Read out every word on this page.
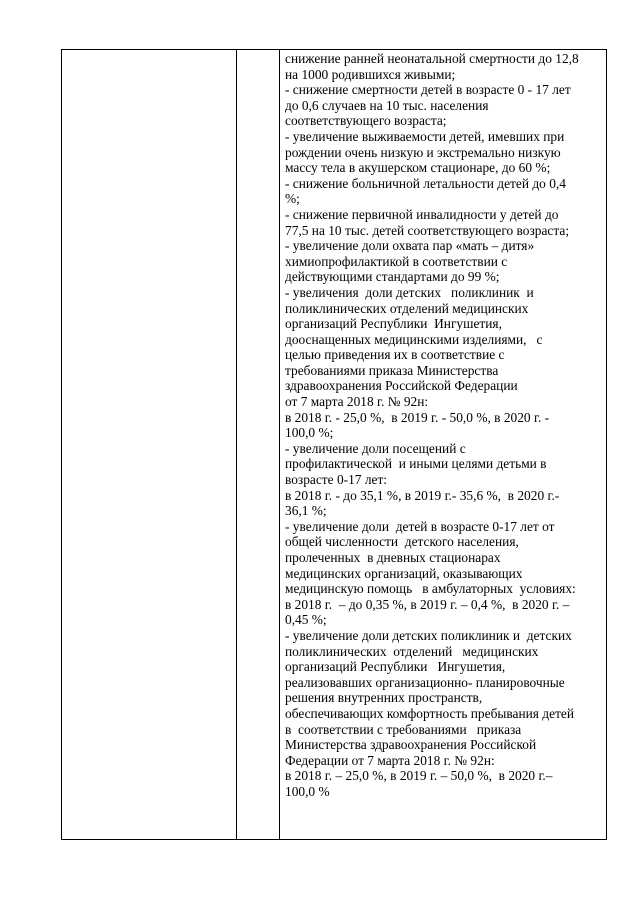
снижение ранней неонатальной смертности до 12,8
на 1000 родившихся живыми;
- снижение смертности детей в возрасте 0 - 17 лет
до 0,6 случаев на 10 тыс. населения
соответствующего возраста;
- увеличение выживаемости детей, имевших при
рождении очень низкую и экстремально низкую
массу тела в акушерском стационаре, до 60 %;
- снижение больничной летальности детей до 0,4
%;
- снижение первичной инвалидности у детей до
77,5 на 10 тыс. детей соответствующего возраста;
- увеличение доли охвата пар «мать – дитя»
химиопрофилактикой в соответствии с
действующими стандартами до 99 %;
- увеличения  доли детских   поликлиник  и
поликлинических отделений медицинских
организаций Республики  Ингушетия,
дооснащенных медицинскими изделиями,   с
целью приведения их в соответствие с
требованиями приказа Министерства
здравоохранения Российской Федерации
от 7 марта 2018 г. № 92н:
в 2018 г. - 25,0 %,  в 2019 г. - 50,0 %, в 2020 г. -
100,0 %;
- увеличение доли посещений с
профилактической  и иными целями детьми в
возрасте 0-17 лет:
в 2018 г. - до 35,1 %, в 2019 г.- 35,6 %,  в 2020 г.-
36,1 %;
- увеличение доли  детей в возрасте 0-17 лет от
общей численности  детского населения,
пролеченных  в дневных стационарах
медицинских организаций, оказывающих
медицинскую помощь   в амбулаторных  условиях:
в 2018 г.  – до 0,35 %, в 2019 г. – 0,4 %,  в 2020 г. –
0,45 %;
- увеличение доли детских поликлиник и  детских
поликлинических  отделений   медицинских
организаций Республики   Ингушетия,
реализовавших организационно- планировочные
решения внутренних пространств,
обеспечивающих комфортность пребывания детей
в  соответствии с требованиями   приказа
Министерства здравоохранения Российской
Федерации от 7 марта 2018 г. № 92н:
в 2018 г. – 25,0 %, в 2019 г. – 50,0 %,  в 2020 г.–
100,0 %
